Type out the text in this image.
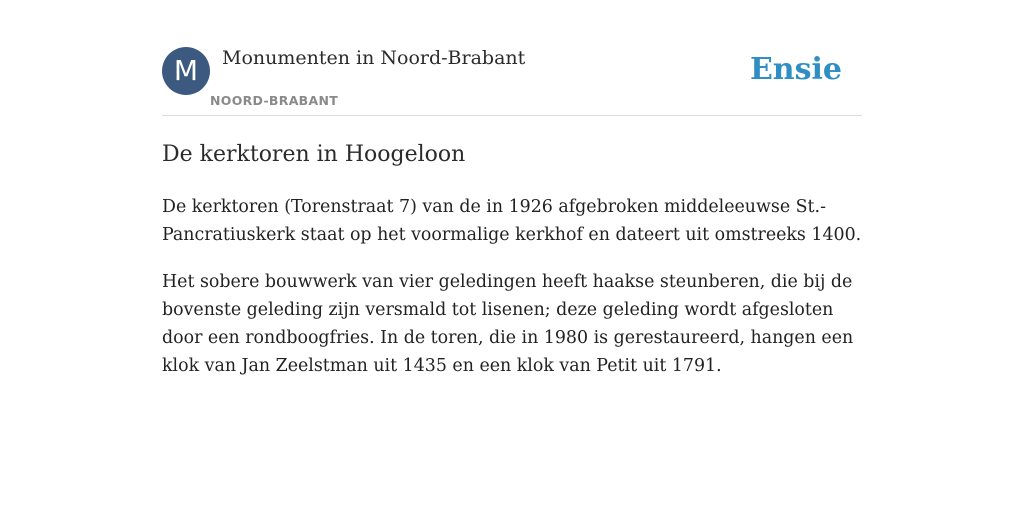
M	Monumenten in Noord-Brabant
NOORD-BRABANT
Ensie
De kerktoren in Hoogeloon

De kerktoren (Torenstraat 7) van de in 1926 afgebroken middeleeuwse St.-Pancratiuskerk staat op het voormalige kerkhof en dateert uit omstreeks 1400.

Het sobere bouwwerk van vier geledingen heeft haakse steunberen, die bij de bovenste geleding zijn versmald tot lisenen; deze geleding wordt afgesloten door een rondboogfries. In de toren, die in 1980 is gerestaureerd, hangen een klok van Jan Zeelstman uit 1435 en een klok van Petit uit 1791.
